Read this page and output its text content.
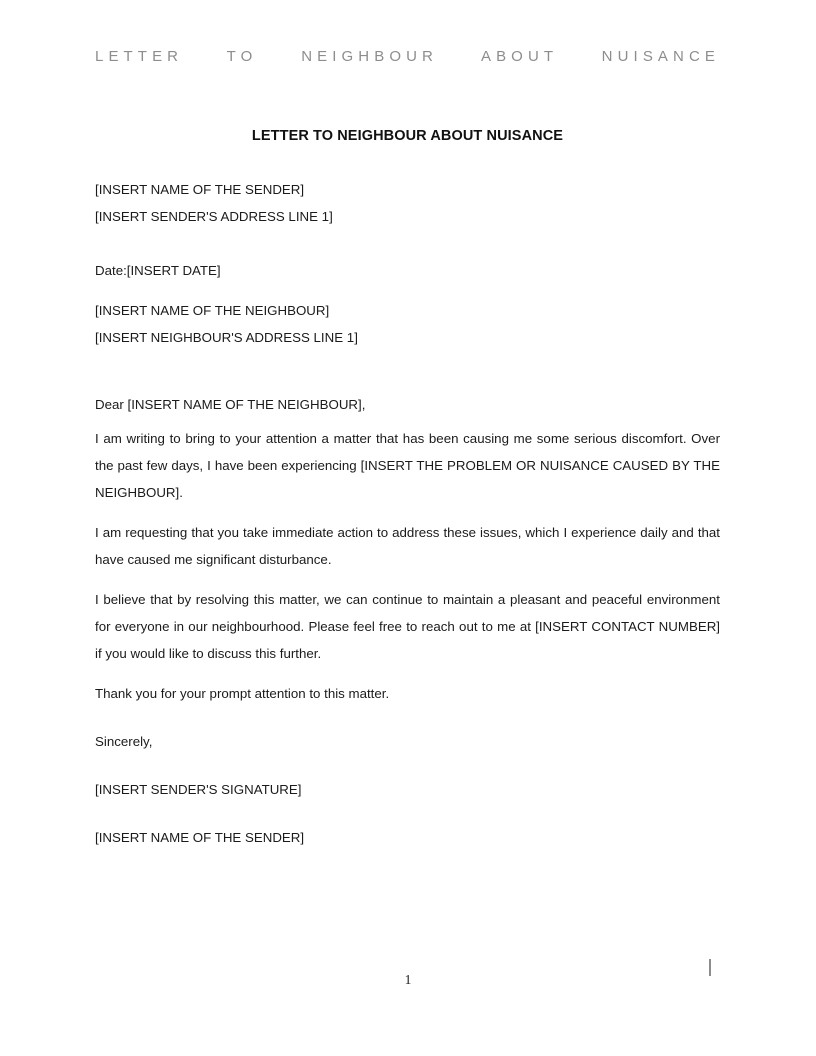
LETTER TO NEIGHBOUR ABOUT NUISANCE
LETTER TO NEIGHBOUR ABOUT NUISANCE
[INSERT NAME OF THE SENDER]
[INSERT SENDER'S ADDRESS LINE 1]
Date:[INSERT DATE]
[INSERT NAME OF THE NEIGHBOUR]
[INSERT NEIGHBOUR'S ADDRESS LINE 1]
Dear [INSERT NAME OF THE NEIGHBOUR],

I am writing to bring to your attention a matter that has been causing me some serious discomfort. Over the past few days, I have been experiencing [INSERT THE PROBLEM OR NUISANCE CAUSED BY THE NEIGHBOUR].

I am requesting that you take immediate action to address these issues, which I experience daily and that have caused me significant disturbance.

I believe that by resolving this matter, we can continue to maintain a pleasant and peaceful environment for everyone in our neighbourhood. Please feel free to reach out to me at [INSERT CONTACT NUMBER] if you would like to discuss this further.

Thank you for your prompt attention to this matter.

Sincerely,
[INSERT SENDER'S SIGNATURE]
[INSERT NAME OF THE SENDER]
1
